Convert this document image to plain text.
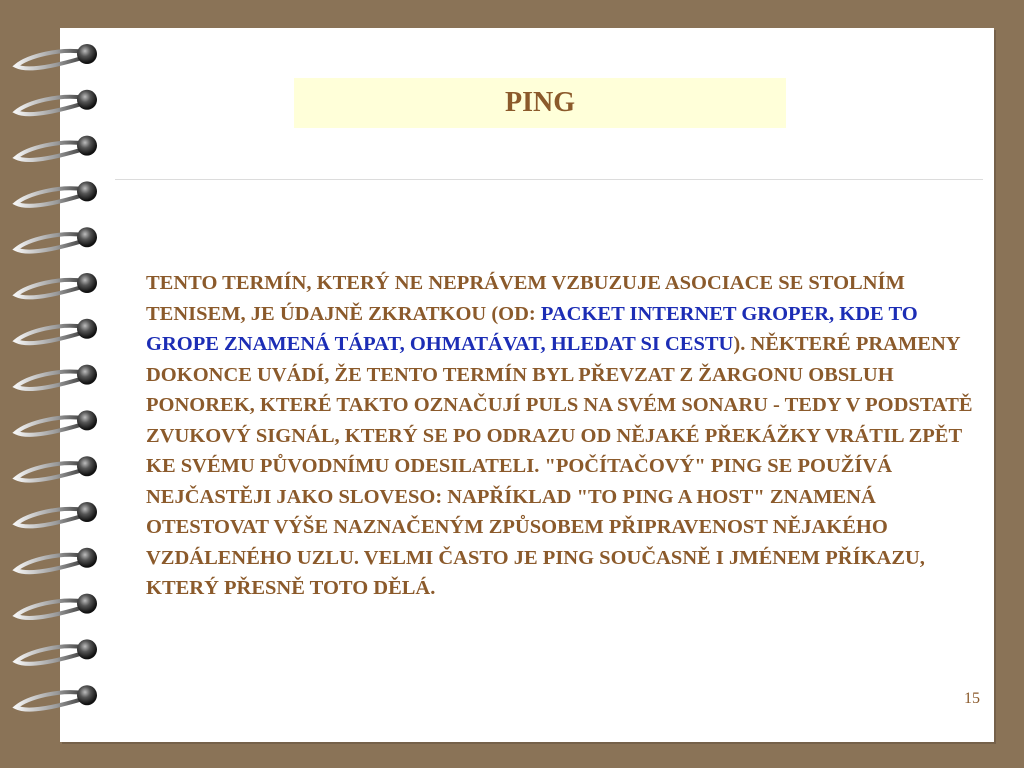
PING

TENTO TERMÍN, KTERÝ NE NEPRÁVEM VZBUZUJE ASOCIACE SE STOLNÍM TENISEM, JE ÚDAJNĚ ZKRATKOU (OD: PACKET INTERNET GROPER, KDE TO GROPE ZNAMENÁ TÁPAT, OHMATÁVAT, HLEDAT SI CESTU). NĚKTERÉ PRAMENY DOKONCE UVÁDÍ, ŽE TENTO TERMÍN BYL PŘEVZAT Z ŽARGONU OBSLUH PONOREK, KTERÉ TAKTO OZNAČUJÍ PULS NA SVÉM SONARU - TEDY V PODSTATĚ ZVUKOVÝ SIGNÁL, KTERÝ SE PO ODRAZU OD NĚJAKÉ PŘEKÁŽKY VRÁTIL ZPĚT KE SVÉMU PŮVODNÍMU ODESILATELI. "POČÍTAČOVÝ" PING SE POUŽÍVÁ NEJČASTĚJI JAKO SLOVESO: NAPŘÍKLAD "TO PING A HOST" ZNAMENÁ OTESTOVAT VÝŠE NAZNAČENÝM ZPŮSOBEM PŘIPRAVENOST NĚJAKÉHO VZDÁLENÉHO UZLU. VELMI ČASTO JE PING SOUČASNĚ I JMÉNEM PŘÍKAZU, KTERÝ PŘESNĚ TOTO DĚLÁ.

15
